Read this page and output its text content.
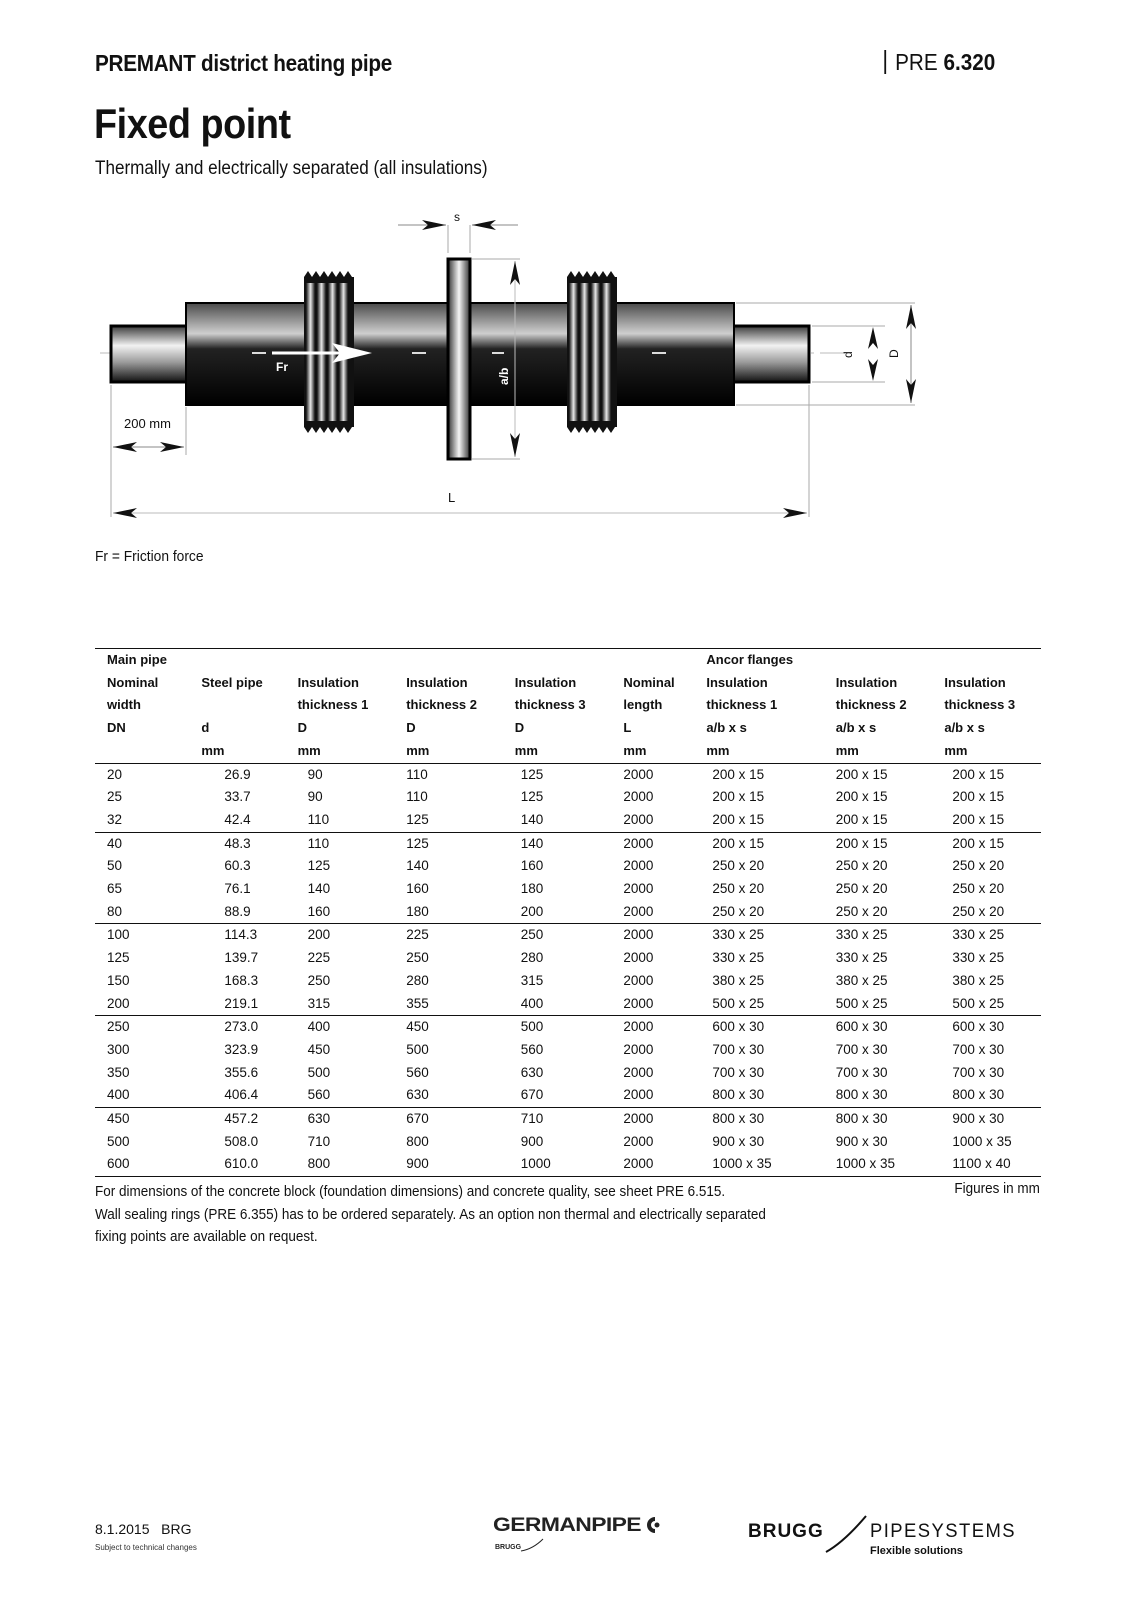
PREMANT district heating pipe	PRE 6.320
Fixed point
Thermally and electrically separated (all insulations)
Fr
s
a/b
d	D
200 mm
L
Fr = Friction force
Main pipe						Ancor flanges		
Nominal	Steel pipe	Insulation	Insulation	Insulation	Nominal	Insulation	Insulation	Insulation
width		thickness 1	thickness 2	thickness 3	length	thickness 1	thickness 2	thickness 3
DN	d	D	D	D	L	a/b x s	a/b x s	a/b x s
	mm	mm	mm	mm	mm	mm	mm	mm
20	26.9	90	110	125	2000	200 x 15	200 x 15	200 x 15
25	33.7	90	110	125	2000	200 x 15	200 x 15	200 x 15
32	42.4	110	125	140	2000	200 x 15	200 x 15	200 x 15
40	48.3	110	125	140	2000	200 x 15	200 x 15	200 x 15
50	60.3	125	140	160	2000	250 x 20	250 x 20	250 x 20
65	76.1	140	160	180	2000	250 x 20	250 x 20	250 x 20
80	88.9	160	180	200	2000	250 x 20	250 x 20	250 x 20
100	114.3	200	225	250	2000	330 x 25	330 x 25	330 x 25
125	139.7	225	250	280	2000	330 x 25	330 x 25	330 x 25
150	168.3	250	280	315	2000	380 x 25	380 x 25	380 x 25
200	219.1	315	355	400	2000	500 x 25	500 x 25	500 x 25
250	273.0	400	450	500	2000	600 x 30	600 x 30	600 x 30
300	323.9	450	500	560	2000	700 x 30	700 x 30	700 x 30
350	355.6	500	560	630	2000	700 x 30	700 x 30	700 x 30
400	406.4	560	630	670	2000	800 x 30	800 x 30	800 x 30
450	457.2	630	670	710	2000	800 x 30	800 x 30	900 x 30
500	508.0	710	800	900	2000	900 x 30	900 x 30	1000 x 35
600	610.0	800	900	1000	2000	1000 x 35	1000 x 35	1100 x 40
For dimensions of the concrete block (foundation dimensions) and concrete quality, see sheet PRE 6.515.
Wall sealing rings (PRE 6.355) has to be ordered separately. As an option non thermal and electrically separated
fixing points are available on request.
Figures in mm
8.1.2015   BRG
Subject to technical changes
GERMANPIPE
BRUGG
BRUGG PIPESYSTEMS
Flexible solutions
